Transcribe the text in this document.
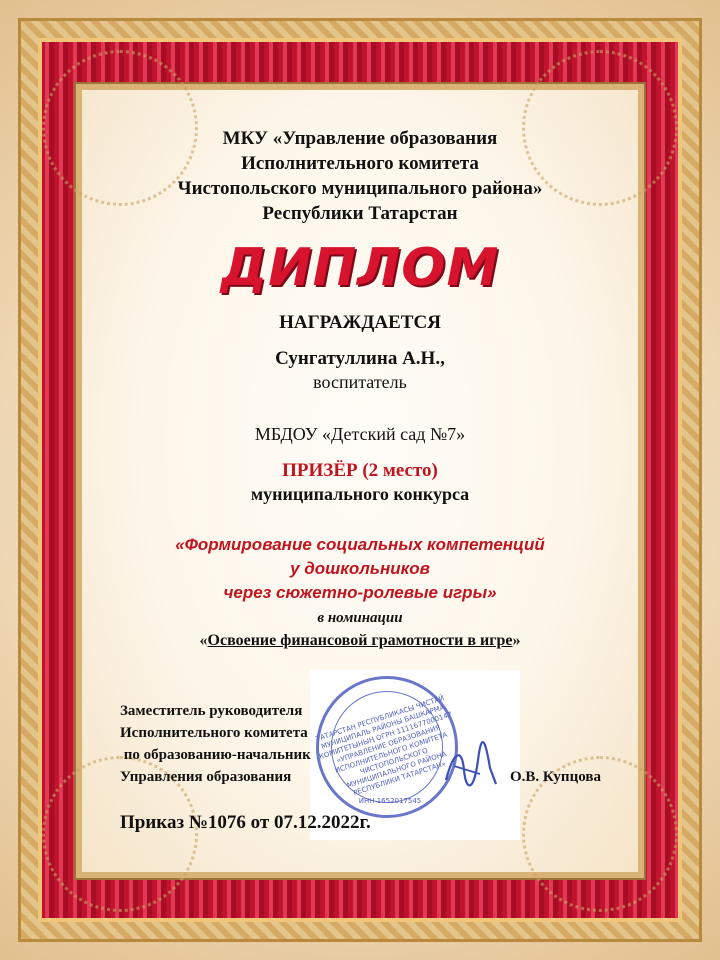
МКУ «Управление образования
Исполнительного комитета
Чистопольского муниципального района»
Республики Татарстан
ДИПЛОМ
НАГРАЖДАЕТСЯ
Сунгатуллина А.Н.,
воспитатель
МБДОУ «Детский сад №7»
ПРИЗЁР (2 место)
муниципального конкурса
«Формирование социальных компетенций
у дошкольников
через сюжетно-ролевые игры»
в номинации
«Освоение финансовой грамотности в игре»
ТАТАРСТАН РЕСПУБЛИКАСЫ ЧИСТАЙ МУНИЦИПАЛЬ РАЙОНЫ БАШКАРМА КОМИТЕТЫНЫҢ ОГРН 1111677000147 «УПРАВЛЕНИЕ ОБРАЗОВАНИЯ ИСПОЛНИТЕЛЬНОГО КОМИТЕТА ЧИСТОПОЛЬСКОГО МУНИЦИПАЛЬНОГО РАЙОНА РЕСПУБЛИКИ ТАТАРСТАН»
ИНН 1652017545
Заместитель руководителя
Исполнительного комитета
по образованию-начальник
Управления образования	О.В. Купцова
Приказ №1076 от 07.12.2022г.
